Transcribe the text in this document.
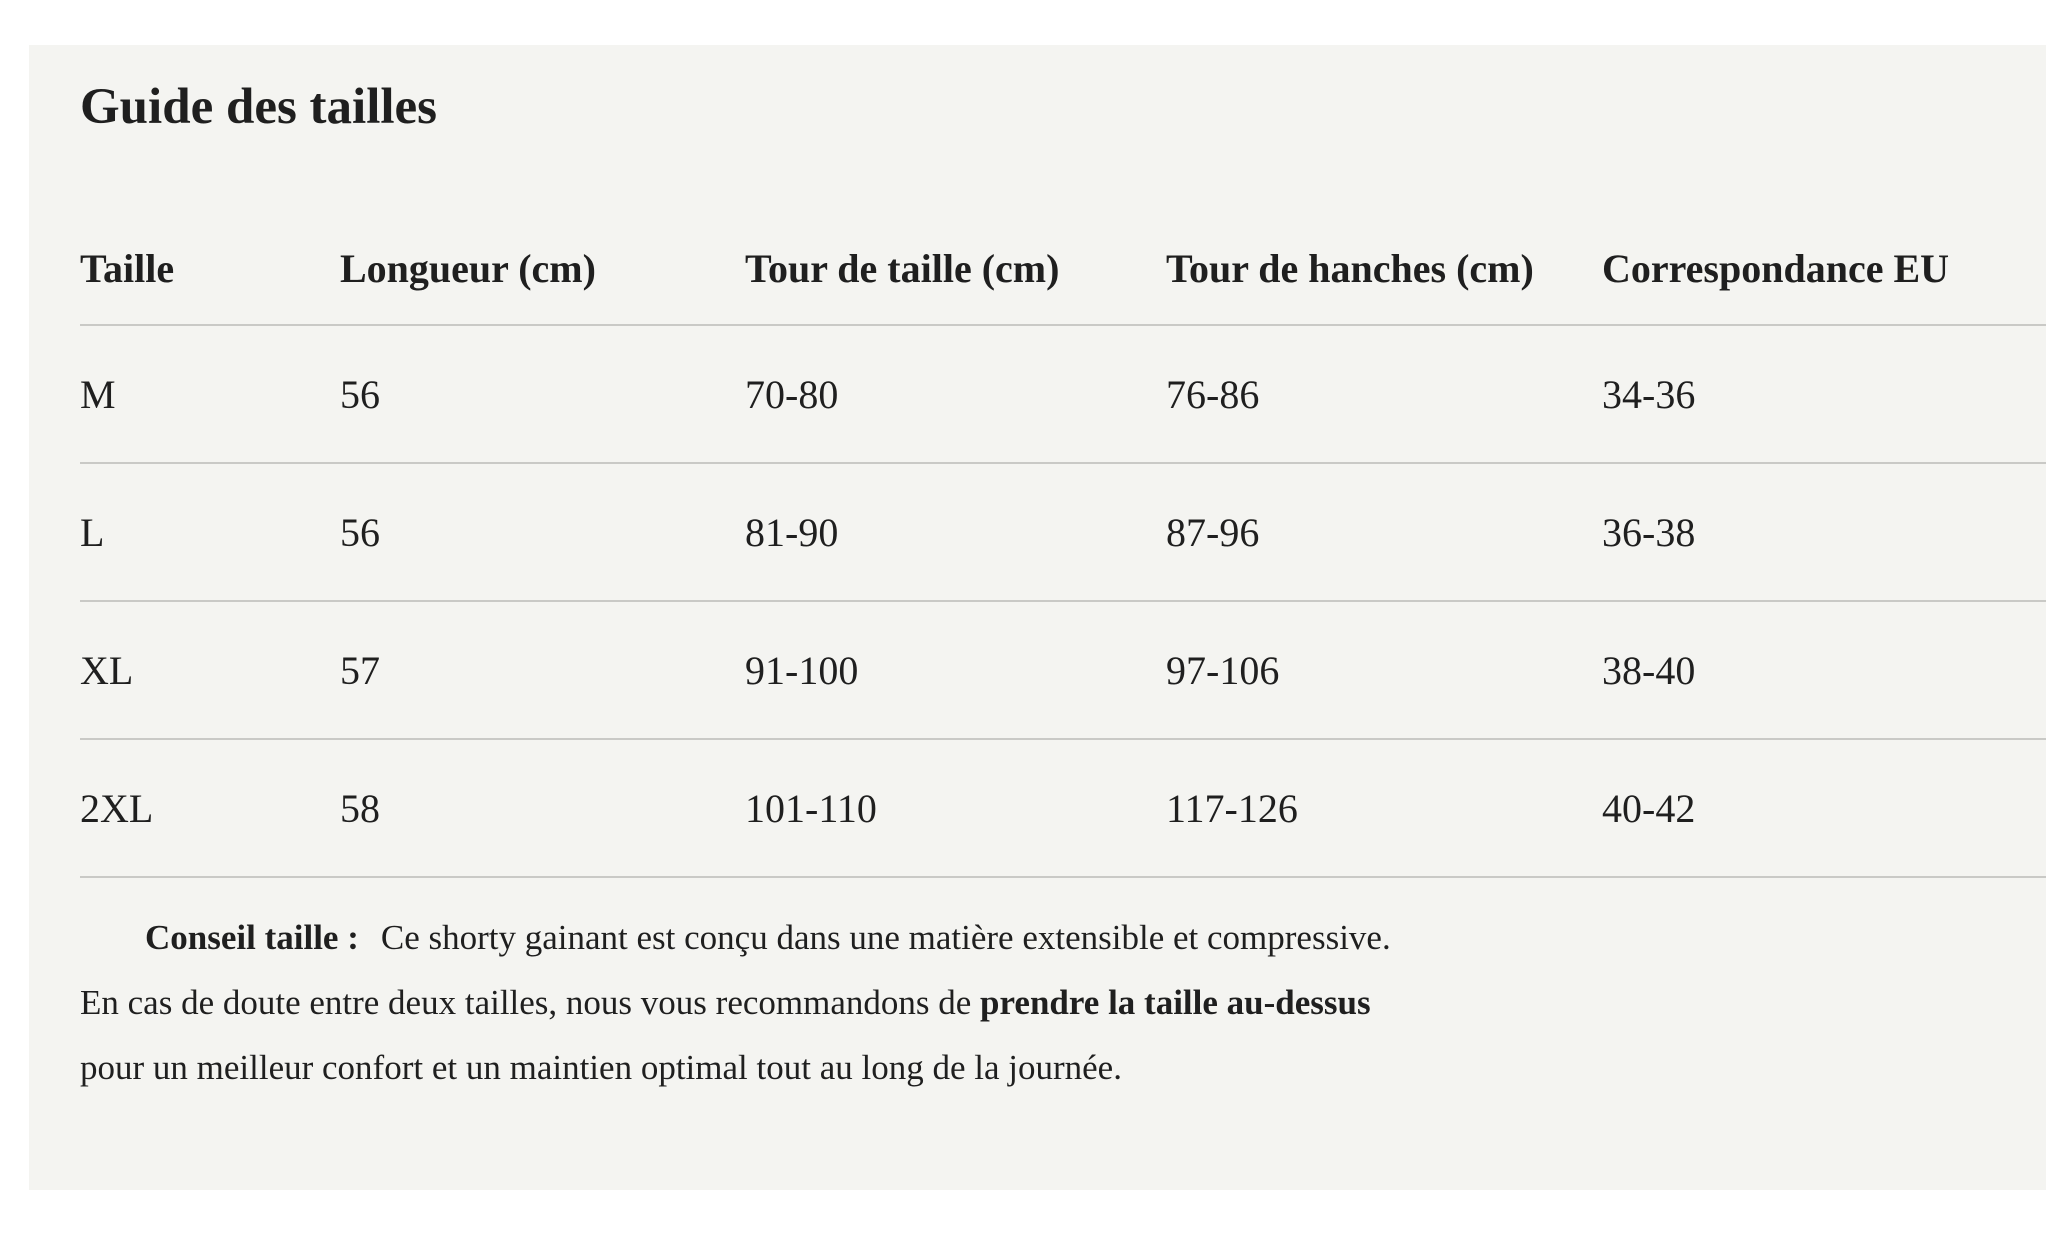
Guide des tailles
Taille	Longueur (cm)	Tour de taille (cm)	Tour de hanches (cm)	Correspondance EU
M	56	70-80	76-86	34-36
L	56	81-90	87-96	36-38
XL	57	91-100	97-106	38-40
2XL	58	101-110	117-126	40-42
Conseil taille : Ce shorty gainant est conçu dans une matière extensible et compressive.
En cas de doute entre deux tailles, nous vous recommandons de prendre la taille au-dessus
pour un meilleur confort et un maintien optimal tout au long de la journée.
